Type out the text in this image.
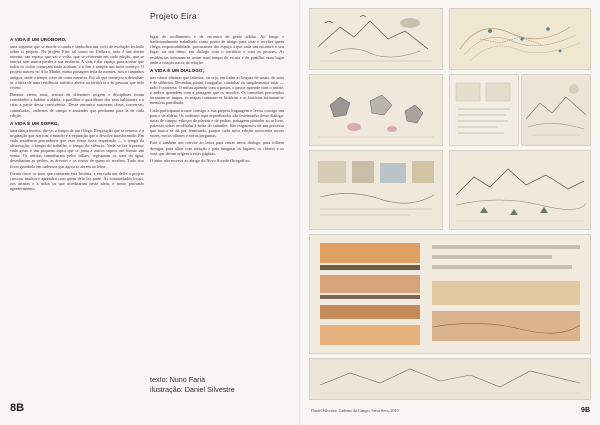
Projeto Eira
A VIDA É UM URÓBORO,

uma serpente que se morde a cauda e simboliza um ciclo de evolução fechado sobre si próprio. No projeto Eira, tal como no Uróboro, tudo é um eterno retorno; um espaço que vai e volta, que se reinventa em cada edição, que se renova sem nunca perder a sua essência. A vida é dar espaço para aceitar que todos os ciclos começam onde acabam, e o fim é sempre um novo começo. O projeto nasceu no Alto Minho, numa paisagem feita de montes, rios e caminhos antigos, onde o tempo corre de outra maneira. Foi ali que começou a desenhar-se a ideia de uma residência artística aberta ao território e às pessoas que nele vivem.

Durante vários anos, artistas de diferentes origens e disciplinas foram convidados a habitar a aldeia, a partilhar o quotidiano dos seus habitantes e a criar a partir dessa convivência. Desse encontro nasceram obras, conversas, caminhadas, cadernos de campo e amizades que perduram para lá de cada edição.

A VIDA É UM SOPRO,

uma dança incerta, diz-se, o tempo de um fôlego. Respiração que se renova: é a inspiração que nos traz o mundo e a expiração que o devolve transformado. Em cada residência procurámos que esse ritmo fosse respeitado — o tempo da observação, o tempo do trabalho, o tempo do silêncio. Nada se faz à pressa: cada gesto é um pequeno sopro que se junta a outros sopros até formar um vento. Os artistas caminharam pelos trilhos, registaram os sons da água, desenharam as pedras, as árvores e os rostos de quem os recebeu. Tudo isso ficou guardado em cadernos que agora se abrem ao leitor.

Foram cinco os anos que contaram esta história, e em cada um deles o projeto cresceu, mudou e aprendeu com quem dele fez parte. Às comunidades locais, aos artistas e a todos os que acreditaram nesta ideia, o nosso profundo agradecimento.

lugar de acolhimento e de encontro de gente adulta. Ao longo e tradicionalmente trabalhado como ponto de abrigo para criar e receber quem chega, responsabilidade, procuramos dar espaço a que cada um encontre o seu lugar, ao seu ritmo, em diálogo com o território e com as pessoas. As residências tornaram-se assim num tempo de escuta e de partilha, num lugar onde a criação nasce da relação.

A VIDA É UM DIÁLOGO,

nos vários idiomas que falamos, ou seja, em todas as línguas de sinais, de sons e de silêncios. Desenhar, pintar, fotografar, caminhar ou simplesmente estar — tudo é conversa. O artista aprende com o pastor, o pastor aprende com o artista, e ambos aprendem com a paisagem que os envolve. Os caminhos percorridos tornaram-se mapas, os mapas tornaram-se histórias e as histórias tornaram-se memória partilhada.

Cada participante trouxe consigo a sua própria linguagem e levou consigo um pouco da aldeia. Os cadernos aqui reproduzidos são testemunho desse diálogo: notas de campo, esboços de plantas e de pedras, paisagens pintadas ao ar livre, palavras soltas recolhidas à beira do caminho. São fragmentos de um processo que nunca se dá por terminado, porque cada nova edição acrescenta novas vozes, novos olhares e novas perguntas.

Este é também um convite ao leitor para entrar nesse diálogo, para folhear devagar, para olhar com atenção e para imaginar os lugares, os cheiros e os sons que deram origem a estas páginas.

O autor não escreve ao abrigo do Novo Acordo Ortográfico.

texto: Nuno Faria
ilustração: Daniel Silvestre
8B	Daniel Silvestre, Caderno de Campo, Serra Seca, 2019.	9B
